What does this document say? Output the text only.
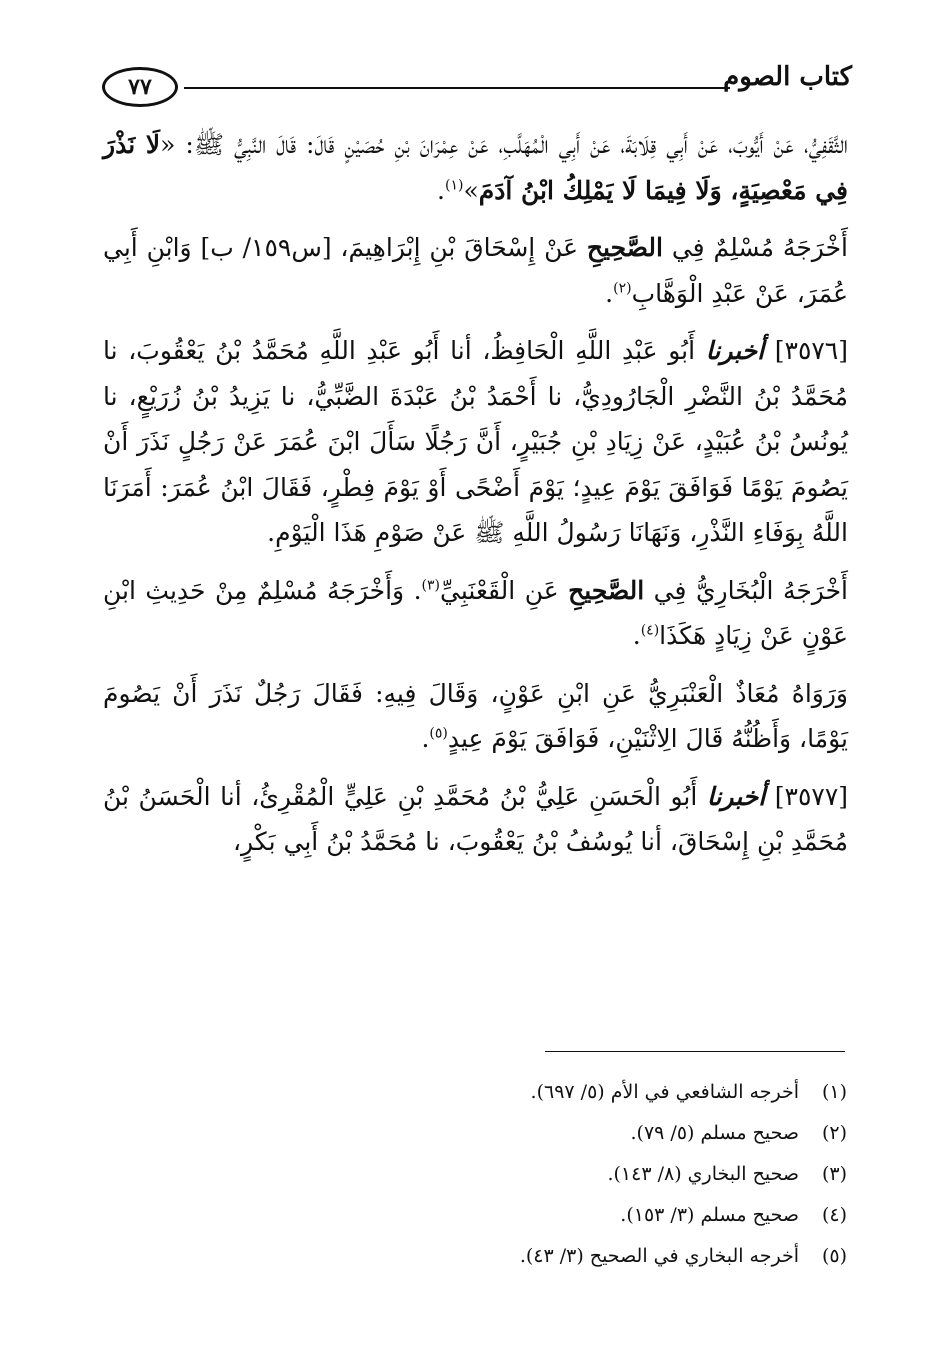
كتاب الصوم
٧٧

الثَّقَفِيُّ، عَنْ أَيُّوبَ، عَنْ أَبِي قِلَابَةَ، عَنْ أَبِي الْمُهَلَّبِ، عَنْ عِمْرَانَ بْنِ حُصَيْنٍ قَالَ: قَالَ النَّبِيُّ ﷺ: «لَا نَذْرَ فِي مَعْصِيَةٍ، وَلَا فِيمَا لَا يَمْلِكُ ابْنُ آدَمَ»$^{(١)}$.

أَخْرَجَهُ مُسْلِمٌ فِي الصَّحِيحِ عَنْ إِسْحَاقَ بْنِ إِبْرَاهِيمَ، [س١٥٩/ ب] وَابْنِ أَبِي عُمَرَ، عَنْ عَبْدِ الْوَهَّابِ$^{(٢)}$.

[٣٥٧٦] أخبرنا أَبُو عَبْدِ اللَّهِ الْحَافِظُ، أنا أَبُو عَبْدِ اللَّهِ مُحَمَّدُ بْنُ يَعْقُوبَ، نا مُحَمَّدُ بْنُ النَّضْرِ الْجَارُودِيُّ، نا أَحْمَدُ بْنُ عَبْدَةَ الضَّبِّيُّ، نا يَزِيدُ بْنُ زُرَيْعٍ، نا يُونُسُ بْنُ عُبَيْدٍ، عَنْ زِيَادِ بْنِ جُبَيْرٍ، أَنَّ رَجُلًا سَأَلَ ابْنَ عُمَرَ عَنْ رَجُلٍ نَذَرَ أَنْ يَصُومَ يَوْمًا فَوَافَقَ يَوْمَ عِيدٍ؛ يَوْمَ أَضْحًى أَوْ يَوْمَ فِطْرٍ، فَقَالَ ابْنُ عُمَرَ: أَمَرَنَا اللَّهُ بِوَفَاءِ النَّذْرِ، وَنَهَانَا رَسُولُ اللَّهِ ﷺ عَنْ صَوْمِ هَذَا الْيَوْمِ.

أَخْرَجَهُ الْبُخَارِيُّ فِي الصَّحِيحِ عَنِ الْقَعْنَبِيِّ$^{(٣)}$. وَأَخْرَجَهُ مُسْلِمٌ مِنْ حَدِيثِ ابْنِ عَوْنٍ عَنْ زِيَادٍ هَكَذَا$^{(٤)}$.

وَرَوَاهُ مُعَاذٌ الْعَنْبَرِيُّ عَنِ ابْنِ عَوْنٍ، وَقَالَ فِيهِ: فَقَالَ رَجُلٌ نَذَرَ أَنْ يَصُومَ يَوْمًا، وَأَظُنُّهُ قَالَ الِاثْنَيْنِ، فَوَافَقَ يَوْمَ عِيدٍ$^{(٥)}$.

[٣٥٧٧] أخبرنا أَبُو الْحَسَنِ عَلِيُّ بْنُ مُحَمَّدِ بْنِ عَلِيٍّ الْمُقْرِئُ، أنا الْحَسَنُ بْنُ مُحَمَّدِ بْنِ إِسْحَاقَ، أنا يُوسُفُ بْنُ يَعْقُوبَ، نا مُحَمَّدُ بْنُ أَبِي بَكْرٍ،

(١)
أخرجه الشافعي في الأم (٥/ ٦٩٧).
(٢)
صحيح مسلم (٥/ ٧٩).
(٣)
صحيح البخاري (٨/ ١٤٣).
(٤)
صحيح مسلم (٣/ ١٥٣).
(٥)
أخرجه البخاري في الصحيح (٣/ ٤٣).
